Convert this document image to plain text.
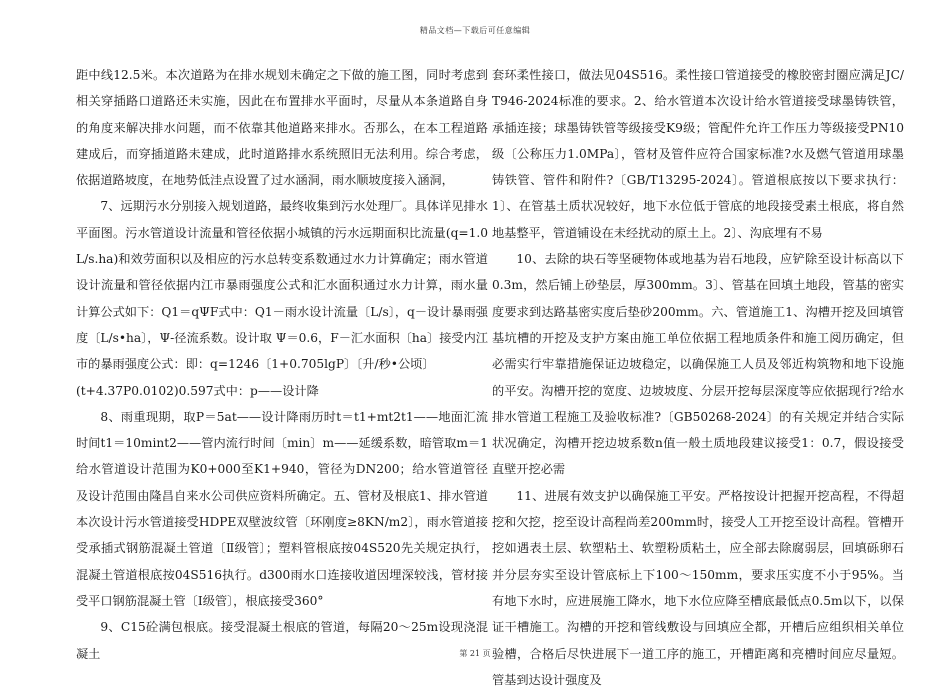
精品文档—下载后可任意编辑

距中线12.5米。本次道路为在排水规划未确定之下做的施工图，同时考虑到相关穿插路口道路还未实施，因此在布置排水平面时，尽量从本条道路自身的角度来解决排水问题，而不依靠其他道路来排水。否那么，在本工程道路建成后，而穿插道路未建成，此时道路排水系统照旧无法利用。综合考虑，依据道路坡度，在地势低洼点设置了过水涵洞，雨水顺坡度接入涵洞，

7、远期污水分别接入规划道路，最终收集到污水处理厂。具体详见排水平面图。污水管道设计流量和管径依据小城镇的污水远期面积比流量(q=1.0L/s.ha)和效劳面积以及相应的污水总转变系数通过水力计算确定；雨水管道设计流量和管径依据内江市暴雨强度公式和汇水面积通过水力计算，雨水量计算公式如下：Q1＝qΨF式中：Q1－雨水设计流量〔L/s〕，q－设计暴雨强度〔L/s•ha〕，Ψ-径流系数。设计取 Ψ＝0.6，F－汇水面积〔ha〕接受内江市的暴雨强度公式：即：q=1246〔1+0.705lgP〕〔升/秒•公顷〕

(t+4.37P0.0102)0.597式中：p——设计降

8、雨重现期，取P＝5at——设计降雨历时t＝t1+mt2t1——地面汇流时间t1＝10mint2——管内流行时间〔min〕m——延缓系数，暗管取m＝1给水管道设计范围为K0+000至K1+940，管径为DN200；给水管道管径及设计范围由隆昌自来水公司供应资料所确定。五、管材及根底1、排水管道本次设计污水管道接受HDPE双壁波纹管〔环刚度≥8KN/m2〕，雨水管道接受承插式钢筋混凝土管道〔Ⅱ级管〕；塑料管根底按04S520先关规定执行，混凝土管道根底按04S516执行。d300雨水口连接收道因埋深较浅，管材接受平口钢筋混凝土管〔Ⅰ级管〕，根底接受360°

9、C15砼满包根底。接受混凝土根底的管道，每隔20～25m设现浇混凝土

套环柔性接口，做法见04S516。柔性接口管道接受的橡胶密封圈应满足JC/T946-2024标准的要求。2、给水管道本次设计给水管道接受球墨铸铁管，承插连接；球墨铸铁管等级接受K9级；管配件允许工作压力等级接受PN10级〔公称压力1.0MPa〕，管材及管件应符合国家标准?水及燃气管道用球墨铸铁管、管件和附件?〔GB/T13295-2024〕。管道根底按以下要求执行：1〕、在管基土质状况较好，地下水位低于管底的地段接受素土根底，将自然地基整平，管道铺设在未经扰动的原土上。2〕、沟底埋有不易

10、去除的块石等坚硬物体或地基为岩石地段，应铲除至设计标高以下0.3m，然后铺上砂垫层，厚300mm。3〕、管基在回填土地段，管基的密实度要求到达路基密实度后垫砂200mm。六、管道施工1、沟槽开挖及回填管基坑槽的开挖及支护方案由施工单位依据工程地质条件和施工阅历确定，但必需实行牢靠措施保证边坡稳定，以确保施工人员及邻近构筑物和地下设施的平安。沟槽开挖的宽度、边坡坡度、分层开挖每层深度等应依据现行?给水排水管道工程施工及验收标准?〔GB50268-2024〕的有关规定并结合实际状况确定，沟槽开挖边坡系数n值一般土质地段建议接受1：0.7，假设接受直壁开挖必需

11、进展有效支护以确保施工平安。严格按设计把握开挖高程，不得超挖和欠挖，挖至设计高程尚差200mm时，接受人工开挖至设计高程。管槽开挖如遇表土层、软塑粘土、软塑粉质粘土，应全部去除腐弱层，回填砾卵石并分层夯实至设计管底标上下100～150mm，要求压实度不小于95%。当有地下水时，应进展施工降水，地下水位应降至槽底最低点0.5m以下，以保证干槽施工。沟槽的开挖和管线敷设与回填应全都，开槽后应组织相关单位验槽，合格后尽快进展下一道工序的施工，开槽距离和亮槽时间应尽量短。管基到达设计强度及

第 21 页
